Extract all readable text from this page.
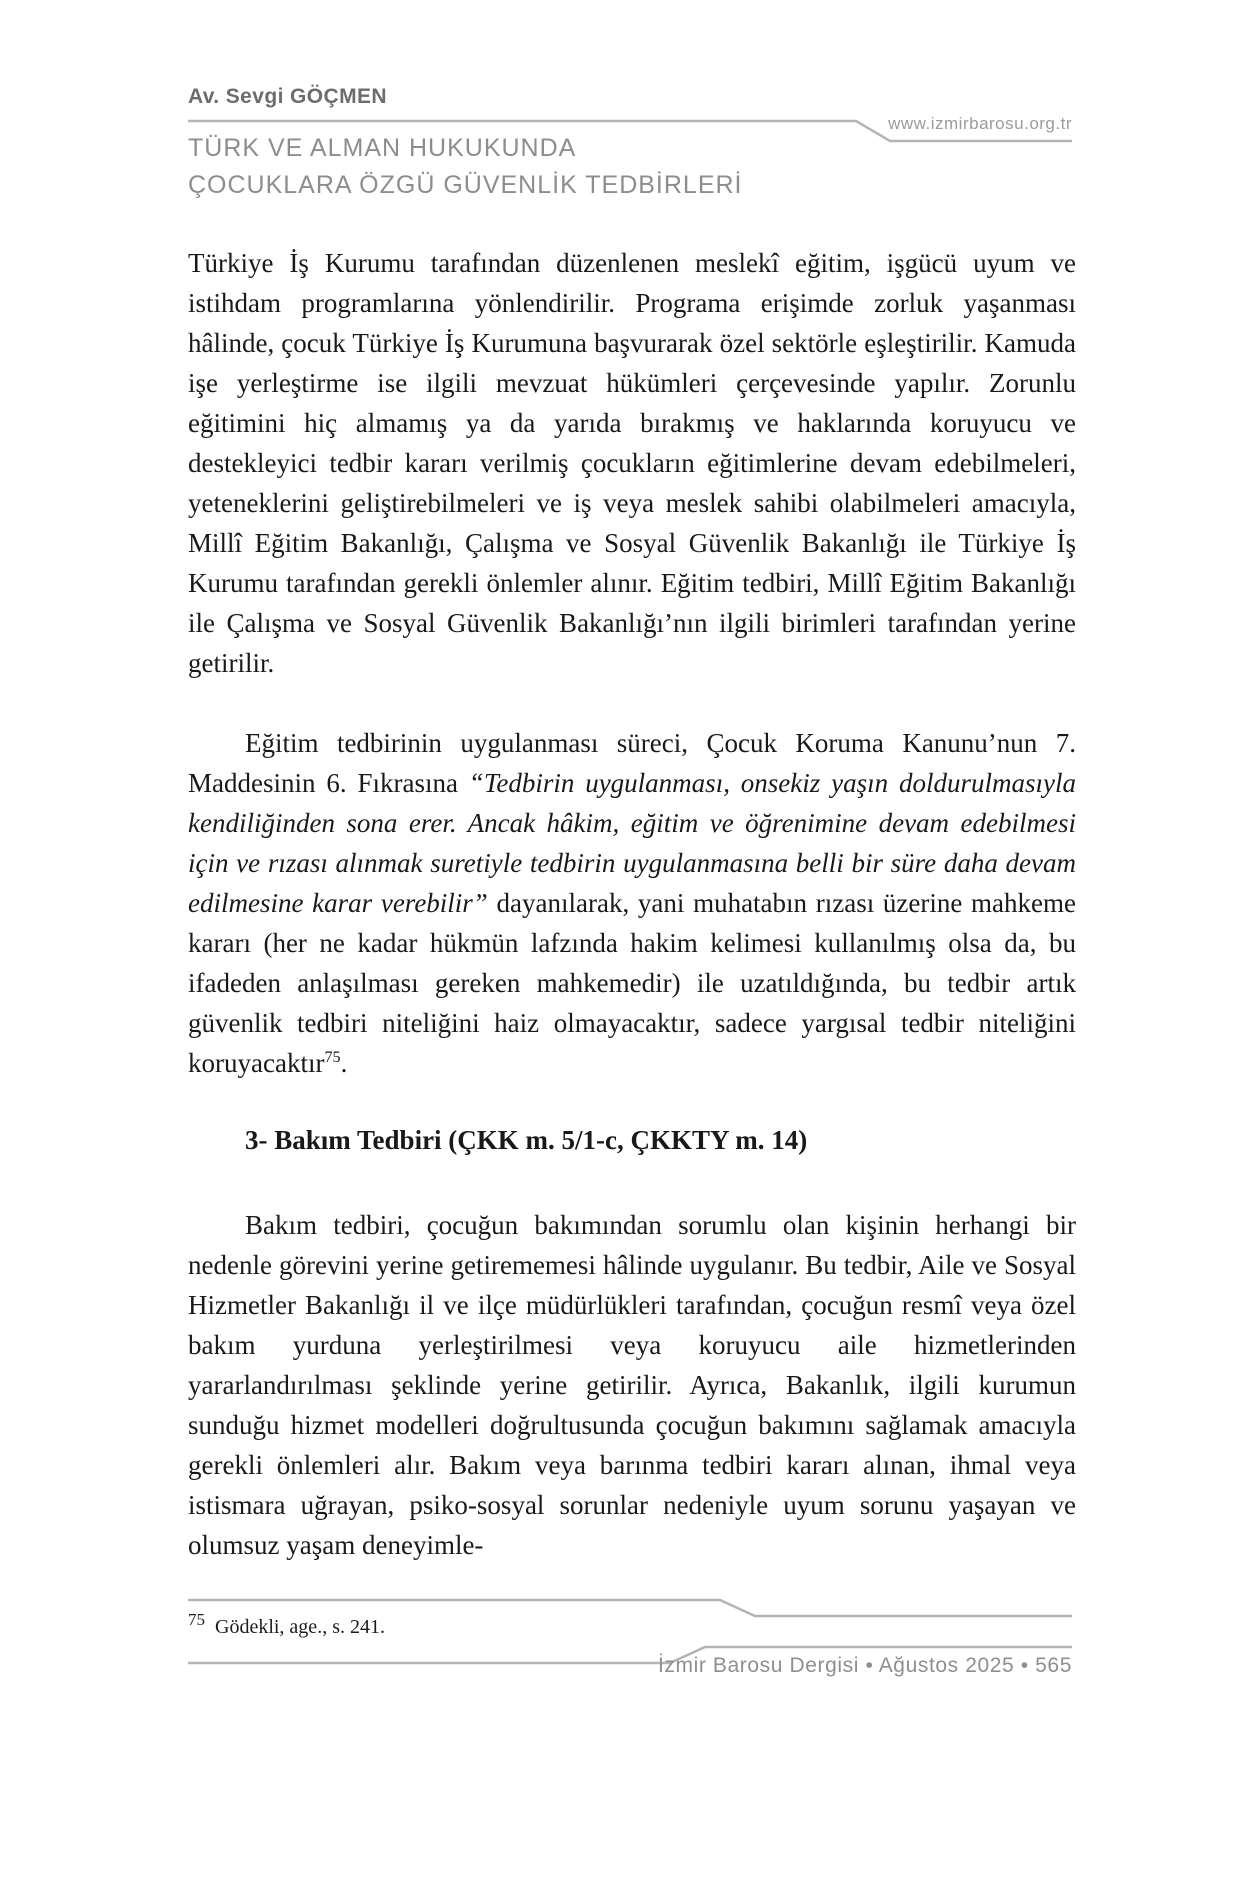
Av. Sevgi GÖÇMEN
www.izmirbarosu.org.tr
TÜRK VE ALMAN HUKUKUNDA
ÇOCUKLARA ÖZGÜ GÜVENLİK TEDBİRLERİ

Türkiye İş Kurumu tarafından düzenlenen meslekî eğitim, işgücü uyum ve istihdam programlarına yönlendirilir. Programa erişimde zorluk yaşanması hâlinde, çocuk Türkiye İş Kurumuna başvurarak özel sektörle eşleştirilir. Kamuda işe yerleştirme ise ilgili mevzuat hükümleri çerçevesinde yapılır. Zorunlu eğitimini hiç almamış ya da yarıda bırakmış ve haklarında koruyucu ve destekleyici tedbir kararı verilmiş çocukların eğitimlerine devam edebilmeleri, yeteneklerini geliştirebilmeleri ve iş veya meslek sahibi olabilmeleri amacıyla, Millî Eğitim Bakanlığı, Çalışma ve Sosyal Güvenlik Bakanlığı ile Türkiye İş Kurumu tarafından gerekli önlemler alınır. Eğitim tedbiri, Millî Eğitim Bakanlığı ile Çalışma ve Sosyal Güvenlik Bakanlığı’nın ilgili birimleri tarafından yerine getirilir.

Eğitim tedbirinin uygulanması süreci, Çocuk Koruma Kanunu’nun 7. Maddesinin 6. Fıkrasına “Tedbirin uygulanması, onsekiz yaşın doldurulmasıyla kendiliğinden sona erer. Ancak hâkim, eğitim ve öğrenimine devam edebilmesi için ve rızası alınmak suretiyle tedbirin uygulanmasına belli bir süre daha devam edilmesine karar verebilir” dayanılarak, yani muhatabın rızası üzerine mahkeme kararı (her ne kadar hükmün lafzında hakim kelimesi kullanılmış olsa da, bu ifadeden anlaşılması gereken mahkemedir) ile uzatıldığında, bu tedbir artık güvenlik tedbiri niteliğini haiz olmayacaktır, sadece yargısal tedbir niteliğini koruyacaktır$^{75}$.

3- Bakım Tedbiri (ÇKK m. 5/1-c, ÇKKTY m. 14)

Bakım tedbiri, çocuğun bakımından sorumlu olan kişinin herhangi bir nedenle görevini yerine getirememesi hâlinde uygulanır. Bu tedbir, Aile ve Sosyal Hizmetler Bakanlığı il ve ilçe müdürlükleri tarafından, çocuğun resmî veya özel bakım yurduna yerleştirilmesi veya koruyucu aile hizmetlerinden yararlandırılması şeklinde yerine getirilir. Ayrıca, Bakanlık, ilgili kurumun sunduğu hizmet modelleri doğrultusunda çocuğun bakımını sağlamak amacıyla gerekli önlemleri alır. Bakım veya barınma tedbiri kararı alınan, ihmal veya istismara uğrayan, psiko-sosyal sorunlar nedeniyle uyum sorunu yaşayan ve olumsuz yaşam deneyimle-

$^{75}$ Gödekli, age., s. 241.
İzmir Barosu Dergisi • Ağustos 2025 • 565
